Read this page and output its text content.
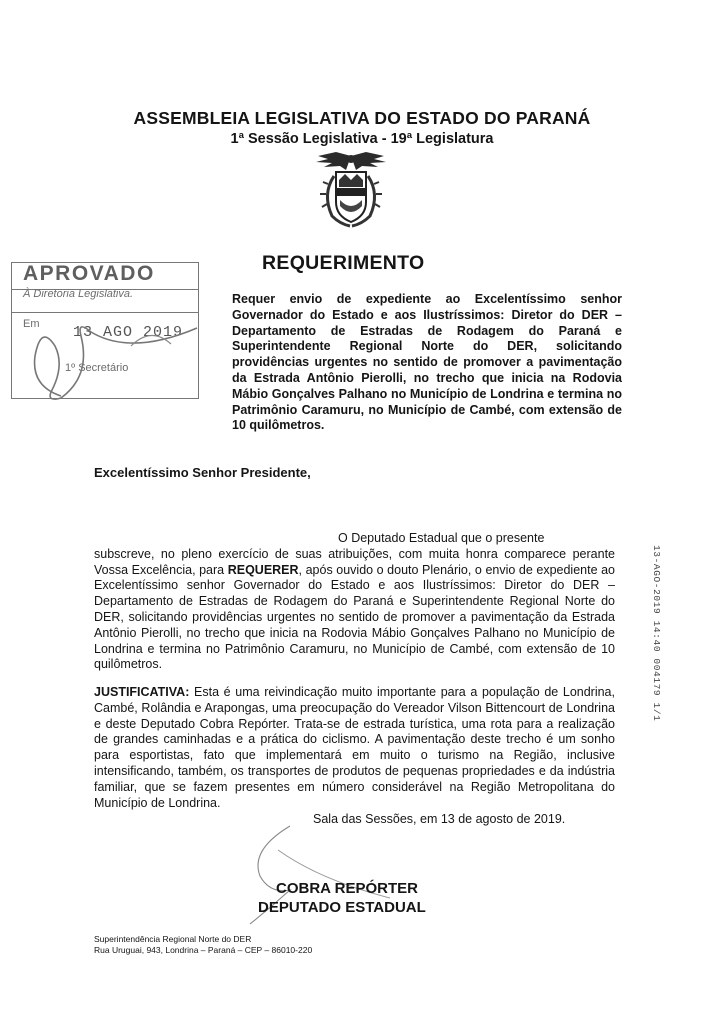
ASSEMBLEIA LEGISLATIVA DO ESTADO DO PARANÁ
1ª Sessão Legislativa - 19ª Legislatura
REQUERIMENTO
APROVADO
À Diretoria Legislativa.
Em 13 AGO 2019
1º Secretário
Requer envio de expediente ao Excelentíssimo senhor Governador do Estado e aos Ilustríssimos: Diretor do DER – Departamento de Estradas de Rodagem do Paraná e Superintendente Regional Norte do DER, solicitando providências urgentes no sentido de promover a pavimentação da Estrada Antônio Pierolli, no trecho que inicia na Rodovia Mábio Gonçalves Palhano no Município de Londrina e termina no Patrimônio Caramuru, no Município de Cambé, com extensão de 10 quilômetros.
Excelentíssimo Senhor Presidente,
O Deputado Estadual que o presente
subscreve, no pleno exercício de suas atribuições, com muita honra comparece perante Vossa Excelência, para REQUERER, após ouvido o douto Plenário, o envio de expediente ao Excelentíssimo senhor Governador do Estado e aos Ilustríssimos: Diretor do DER – Departamento de Estradas de Rodagem do Paraná e Superintendente Regional Norte do DER, solicitando providências urgentes no sentido de promover a pavimentação da Estrada Antônio Pierolli, no trecho que inicia na Rodovia Mábio Gonçalves Palhano no Município de Londrina e termina no Patrimônio Caramuru, no Município de Cambé, com extensão de 10 quilômetros.
JUSTIFICATIVA: Esta é uma reivindicação muito importante para a população de Londrina, Cambé, Rolândia e Arapongas, uma preocupação do Vereador Vilson Bittencourt de Londrina e deste Deputado Cobra Repórter. Trata-se de estrada turística, uma rota para a realização de grandes caminhadas e a prática do ciclismo. A pavimentação deste trecho é um sonho para esportistas, fato que implementará em muito o turismo na Região, inclusive intensificando, também, os transportes de produtos de pequenas propriedades e da indústria familiar, que se fazem presentes em número considerável na Região Metropolitana do Município de Londrina.
Sala das Sessões, em 13 de agosto de 2019.
COBRA REPÓRTER
DEPUTADO ESTADUAL
Superintendência Regional Norte do DER
Rua Uruguai, 943, Londrina – Paraná – CEP – 86010-220
13-AGO-2019 14:40 004179 1/1
